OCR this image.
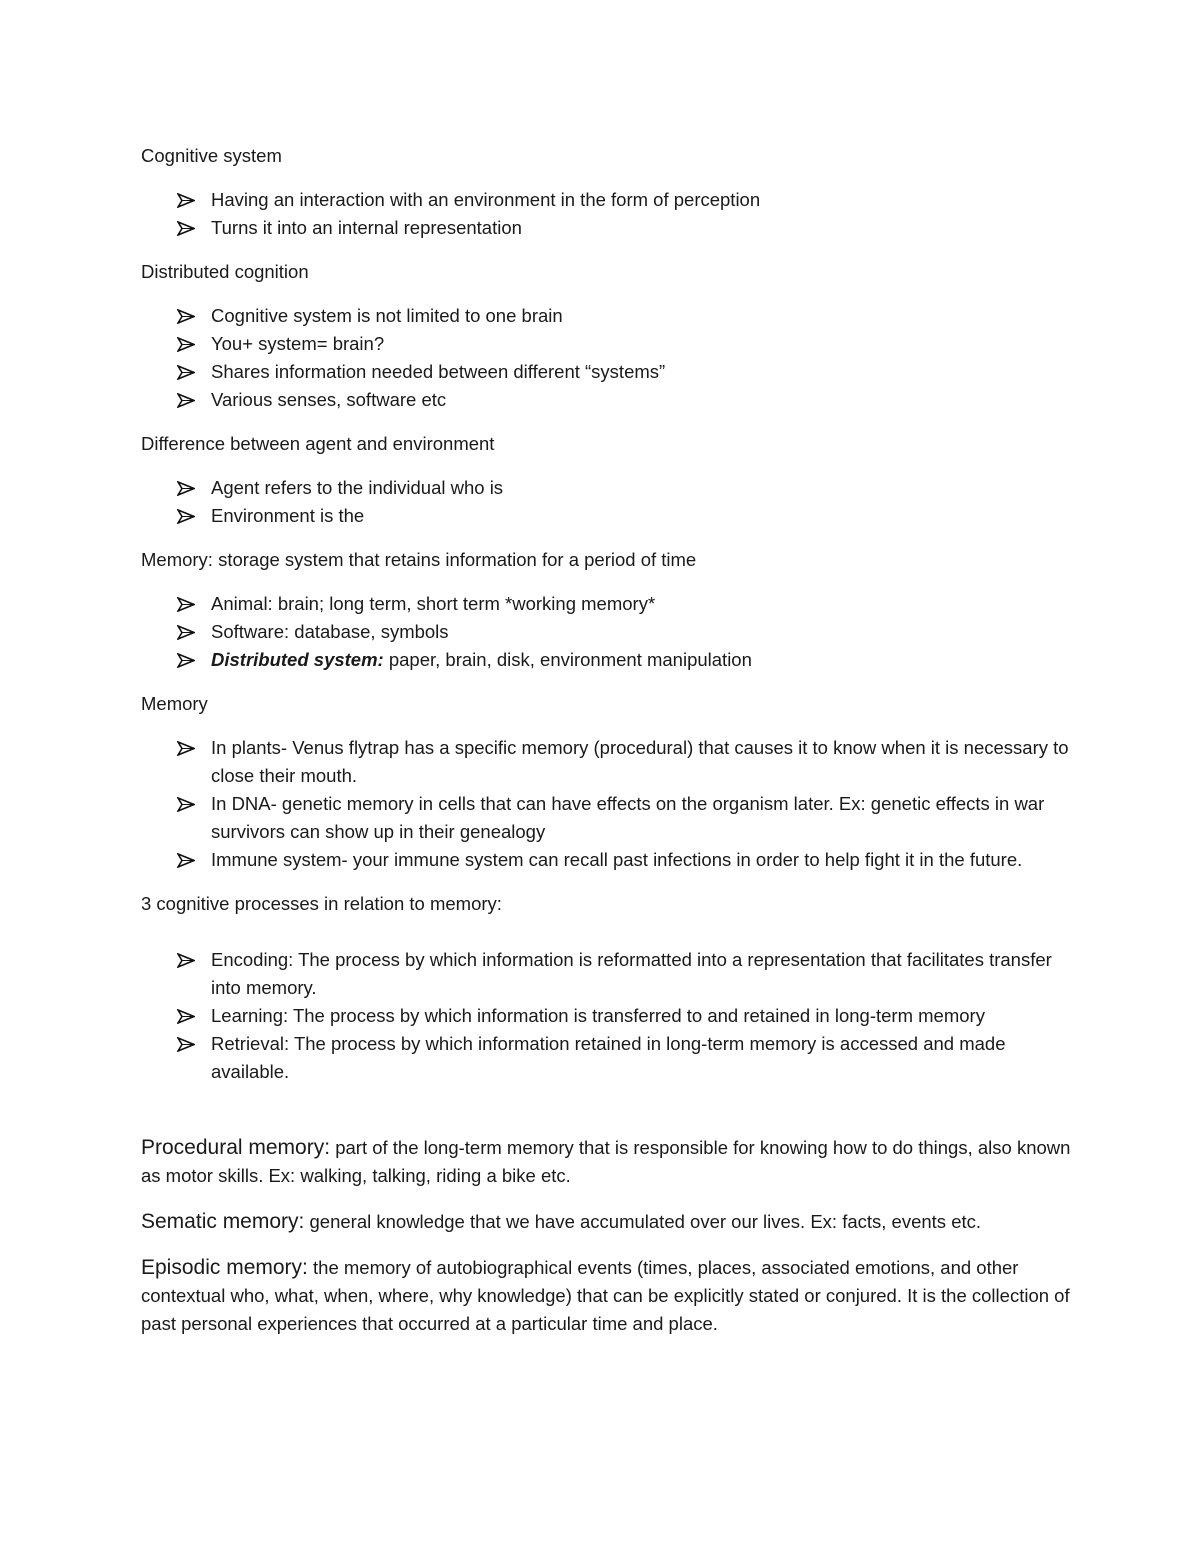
Cognitive system

Having an interaction with an environment in the form of perception
Turns it into an internal representation

Distributed cognition

Cognitive system is not limited to one brain
You+ system= brain?
Shares information needed between different “systems”
Various senses, software etc

Difference between agent and environment

Agent refers to the individual who is
Environment is the

Memory: storage system that retains information for a period of time

Animal: brain; long term, short term *working memory*
Software: database, symbols
Distributed system: paper, brain, disk, environment manipulation

Memory

In plants- Venus flytrap has a specific memory (procedural) that causes it to know when it is necessary to close their mouth.
In DNA- genetic memory in cells that can have effects on the organism later. Ex: genetic effects in war survivors can show up in their genealogy
Immune system- your immune system can recall past infections in order to help fight it in the future.

3 cognitive processes in relation to memory:

Encoding: The process by which information is reformatted into a representation that facilitates transfer into memory.
Learning: The process by which information is transferred to and retained in long-term memory
Retrieval: The process by which information retained in long-term memory is accessed and made available.

Procedural memory: part of the long-term memory that is responsible for knowing how to do things, also known as motor skills. Ex: walking, talking, riding a bike etc.

Sematic memory: general knowledge that we have accumulated over our lives. Ex: facts, events etc.

Episodic memory: the memory of autobiographical events (times, places, associated emotions, and other contextual who, what, when, where, why knowledge) that can be explicitly stated or conjured. It is the collection of past personal experiences that occurred at a particular time and place.
